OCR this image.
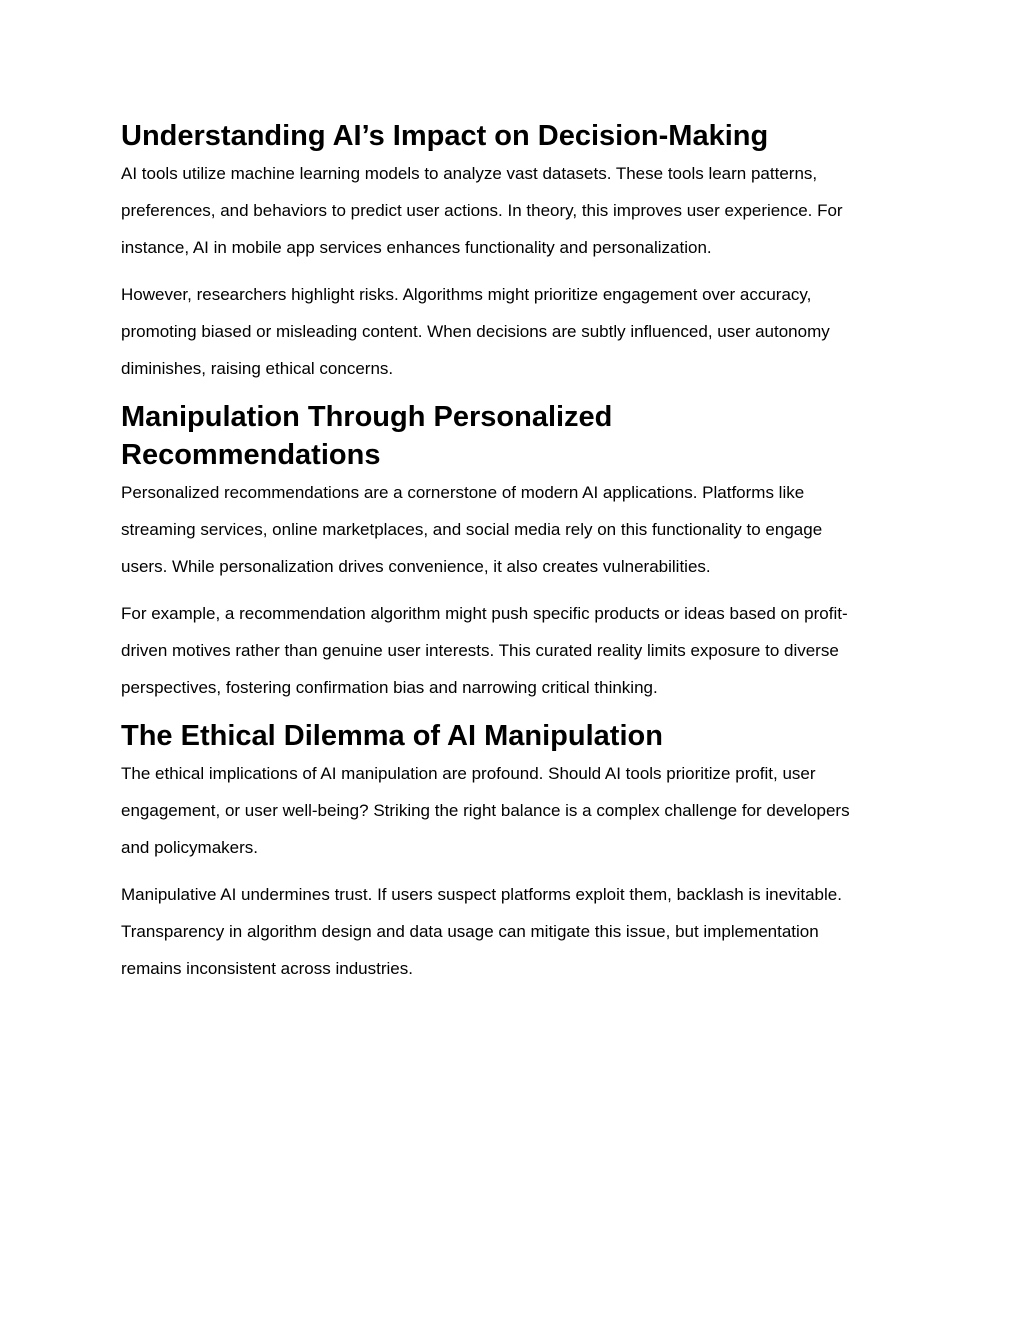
Understanding AI’s Impact on Decision-Making

AI tools utilize machine learning models to analyze vast datasets. These tools learn patterns, preferences, and behaviors to predict user actions. In theory, this improves user experience. For instance, AI in mobile app services enhances functionality and personalization.

However, researchers highlight risks. Algorithms might prioritize engagement over accuracy, promoting biased or misleading content. When decisions are subtly influenced, user autonomy diminishes, raising ethical concerns.

Manipulation Through Personalized Recommendations

Personalized recommendations are a cornerstone of modern AI applications. Platforms like streaming services, online marketplaces, and social media rely on this functionality to engage users. While personalization drives convenience, it also creates vulnerabilities.

For example, a recommendation algorithm might push specific products or ideas based on profit-driven motives rather than genuine user interests. This curated reality limits exposure to diverse perspectives, fostering confirmation bias and narrowing critical thinking.

The Ethical Dilemma of AI Manipulation

The ethical implications of AI manipulation are profound. Should AI tools prioritize profit, user engagement, or user well-being? Striking the right balance is a complex challenge for developers and policymakers.

Manipulative AI undermines trust. If users suspect platforms exploit them, backlash is inevitable. Transparency in algorithm design and data usage can mitigate this issue, but implementation remains inconsistent across industries.
